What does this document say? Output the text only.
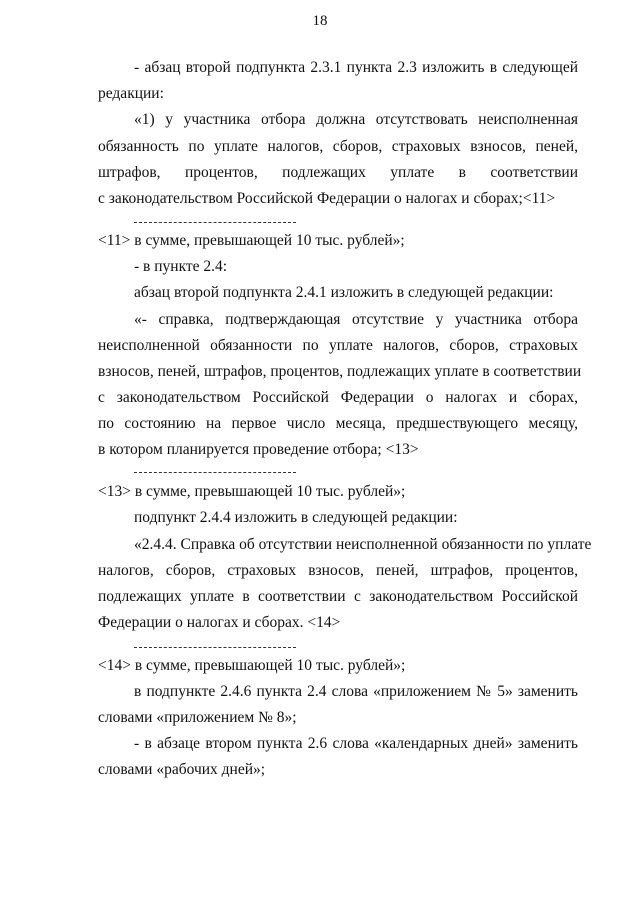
18
- абзац второй подпункта 2.3.1 пункта 2.3 изложить в следующей
редакции:
«1) у участника отбора должна отсутствовать неисполненная
обязанность по уплате налогов, сборов, страховых взносов, пеней,
штрафов, процентов, подлежащих уплате в соответствии
с законодательством Российской Федерации о налогах и сборах;<11>
<11> в сумме, превышающей 10 тыс. рублей»;
- в пункте 2.4:
абзац второй подпункта 2.4.1 изложить в следующей редакции:
«- справка, подтверждающая отсутствие у участника отбора
неисполненной обязанности по уплате налогов, сборов, страховых
взносов, пеней, штрафов, процентов, подлежащих уплате в соответствии
с законодательством Российской Федерации о налогах и сборах,
по состоянию на первое число месяца, предшествующего месяцу,
в котором планируется проведение отбора; <13>
<13> в сумме, превышающей 10 тыс. рублей»;
подпункт 2.4.4 изложить в следующей редакции:
«2.4.4. Справка об отсутствии неисполненной обязанности по уплате
налогов, сборов, страховых взносов, пеней, штрафов, процентов,
подлежащих уплате в соответствии с законодательством Российской
Федерации о налогах и сборах. <14>
<14> в сумме, превышающей 10 тыс. рублей»;
в подпункте 2.4.6 пункта 2.4 слова «приложением № 5» заменить
словами «приложением № 8»;
- в абзаце втором пункта 2.6 слова «календарных дней» заменить
словами «рабочих дней»;
